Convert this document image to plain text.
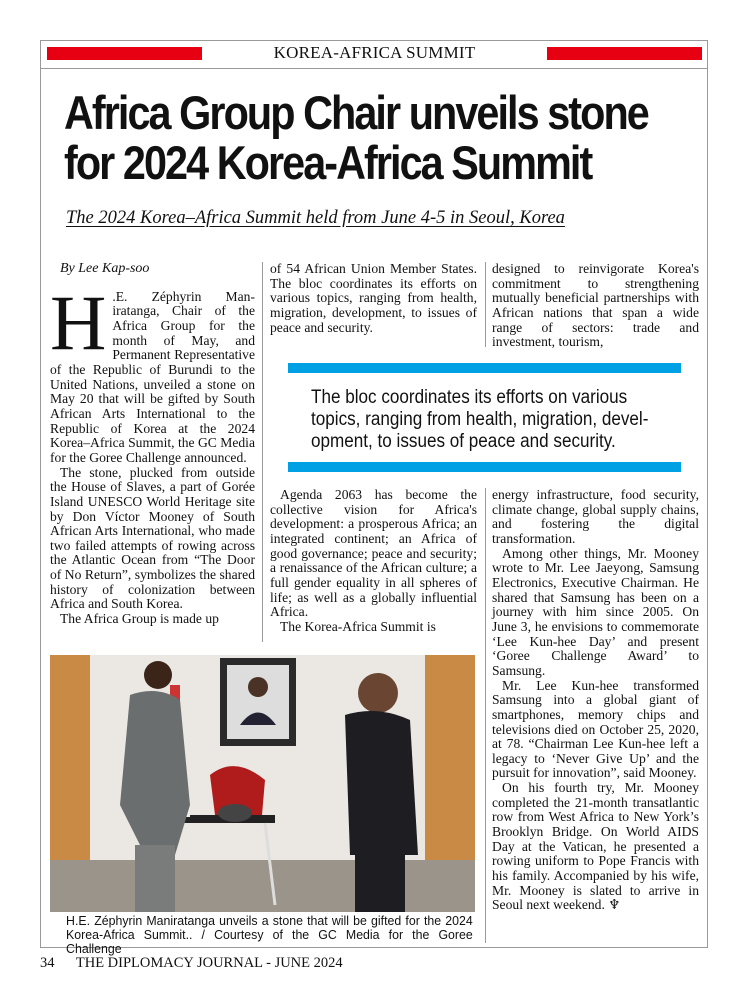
KOREA-AFRICA SUMMIT
Africa Group Chair unveils stone for 2024 Korea-Africa Summit
The 2024 Korea–Africa Summit held from June 4-5 in Seoul, Korea
By Lee Kap-soo

H .E. Zéphyrin Maniratanga, Chair of the Africa Group for the month of May, and Permanent Representative of the Republic of Burundi to the United Nations, unveiled a stone on May 20 that will be gifted by South African Arts International to the Republic of Korea at the 2024 Korea–Africa Summit, the GC Media for the Goree Challenge announced.

The stone, plucked from outside the House of Slaves, a part of Gorée Island UNESCO World Heritage site by Don Víctor Mooney of South African Arts International, who made two failed attempts of rowing across the Atlantic Ocean from “The Door of No Return”, symbolizes the shared history of colonization between Africa and South Korea.

The Africa Group is made up

of 54 African Union Member States. The bloc coordinates its efforts on various topics, ranging from health, migration, development, to issues of peace and security.

designed to reinvigorate Korea's commitment to strengthening mutually beneficial partnerships with African nations that span a wide range of sectors: trade and investment, tourism,

The bloc coordinates its efforts on various topics, ranging from health, migration, development, to issues of peace and security.

Agenda 2063 has become the collective vision for Africa's development: a prosperous Africa; an integrated continent; an Africa of good governance; peace and security; a renaissance of the African culture; a full gender equality in all spheres of life; as well as a globally influential Africa.

The Korea-Africa Summit is

energy infrastructure, food security, climate change, global supply chains, and fostering the digital transformation.

Among other things, Mr. Mooney wrote to Mr. Lee Jaeyong, Samsung Electronics, Executive Chairman. He shared that Samsung has been on a journey with him since 2005. On June 3, he envisions to commemorate ‘Lee Kun-hee Day’ and present ‘Goree Challenge Award’ to Samsung.

Mr. Lee Kun-hee transformed Samsung into a global giant of smartphones, memory chips and televisions died on October 25, 2020, at 78. “Chairman Lee Kun-hee left a legacy to ‘Never Give Up’ and the pursuit for innovation”, said Mooney.

On his fourth try, Mr. Mooney completed the 21-month transatlantic row from West Africa to New York’s Brooklyn Bridge. On World AIDS Day at the Vatican, he presented a rowing uniform to Pope Francis with his family. Accompanied by his wife, Mr. Mooney is slated to arrive in Seoul next weekend. ♆

H.E. Zéphyrin Maniratanga unveils a stone that will be gifted for the 2024 Korea-Africa Summit.. / Courtesy of the GC Media for the Goree Challenge
34 THE DIPLOMACY JOURNAL - JUNE 2024
